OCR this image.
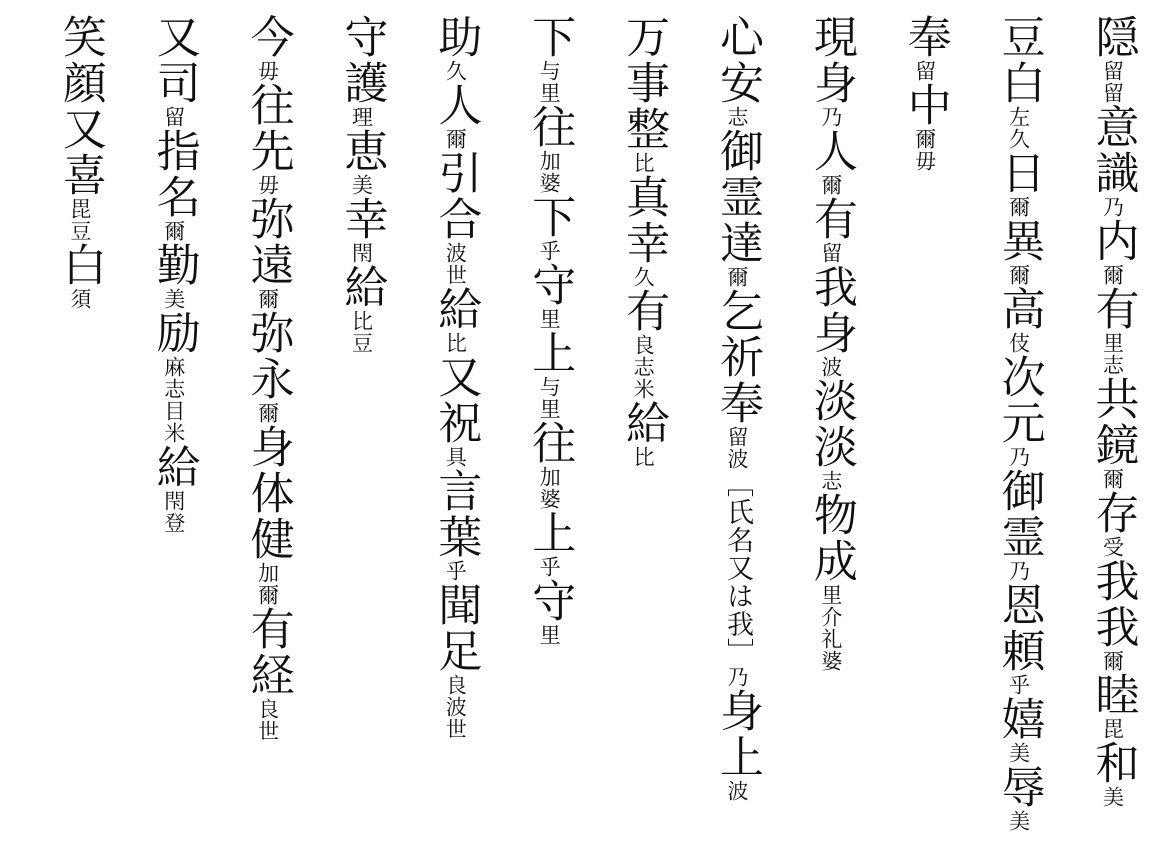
隠留留意識乃内爾有里志共鏡爾存受我我爾睦毘和美
豆白左久日爾異爾高伎次元乃御霊乃恩頼乎嬉美辱美
奉留中爾毋
現身乃人爾有留我身波淡淡志物成里介礼婆
心安志御霊達爾乞祈奉留波［氏名又は我］乃身上波
万事整比真幸久有良志米給比
下与里往加婆下乎守里上与里往加婆上乎守里
助久人爾引合波世給比又祝具言葉乎聞足良波世
守護理恵美幸閇給比豆
今毋往先毋弥遠爾弥永爾身体健加爾有経良世
又司留指名爾勤美励麻志目米給閇登
笑顔又喜毘豆白須
